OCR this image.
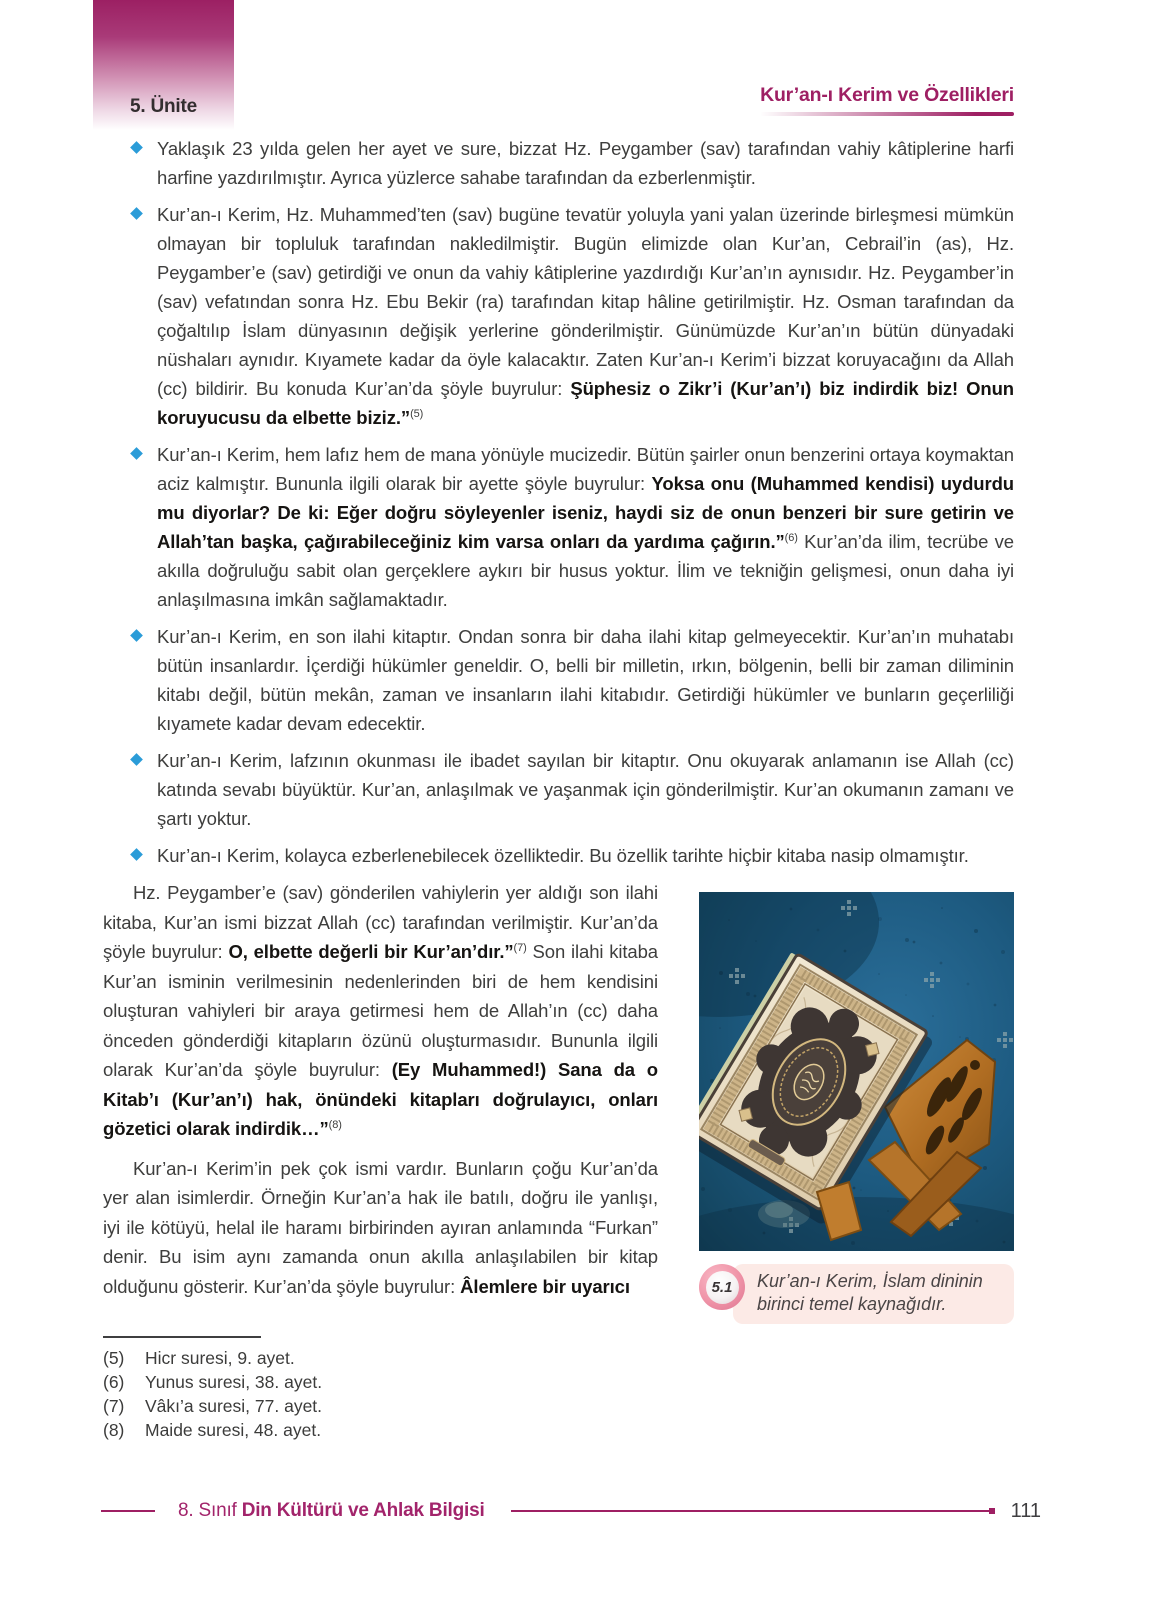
5. Ünite
Kur’an-ı Kerim ve Özellikleri
Yaklaşık 23 yılda gelen her ayet ve sure, bizzat Hz. Peygamber (sav) tarafından vahiy kâtiplerine harfi harfine yazdırılmıştır. Ayrıca yüzlerce sahabe tarafından da ezberlenmiştir.
Kur’an-ı Kerim, Hz. Muhammed’ten (sav) bugüne tevatür yoluyla yani yalan üzerinde birleşmesi mümkün olmayan bir topluluk tarafından nakledilmiştir. Bugün elimizde olan Kur’an, Cebrail’in (as), Hz. Peygamber’e (sav) getirdiği ve onun da vahiy kâtiplerine yazdırdığı Kur’an’ın aynısıdır. Hz. Peygamber’in (sav) vefatından sonra Hz. Ebu Bekir (ra) tarafından kitap hâline getirilmiştir. Hz. Osman tarafından da çoğaltılıp İslam dünyasının değişik yerlerine gönderilmiştir. Günümüzde Kur’an’ın bütün dünyadaki nüshaları aynıdır. Kıyamete kadar da öyle kalacaktır. Zaten Kur’an-ı Kerim’i bizzat koruyacağını da Allah (cc) bildirir. Bu konuda Kur’an’da şöyle buyrulur: Şüphesiz o Zikr’i (Kur’an’ı) biz indirdik biz! Onun koruyucusu da elbette biziz.”$^{(5)}$
Kur’an-ı Kerim, hem lafız hem de mana yönüyle mucizedir. Bütün şairler onun benzerini ortaya koymaktan aciz kalmıştır. Bununla ilgili olarak bir ayette şöyle buyrulur: Yoksa onu (Muhammed kendisi) uydurdu mu diyorlar? De ki: Eğer doğru söyleyenler iseniz, haydi siz de onun benzeri bir sure getirin ve Allah’tan başka, çağırabileceğiniz kim varsa onları da yardıma çağırın.”$^{(6)}$ Kur’an’da ilim, tecrübe ve akılla doğruluğu sabit olan gerçeklere aykırı bir husus yoktur. İlim ve tekniğin gelişmesi, onun daha iyi anlaşılmasına imkân sağlamaktadır.
Kur’an-ı Kerim, en son ilahi kitaptır. Ondan sonra bir daha ilahi kitap gelmeyecektir. Kur’an’ın muhatabı bütün insanlardır. İçerdiği hükümler geneldir. O, belli bir milletin, ırkın, bölgenin, belli bir zaman diliminin kitabı değil, bütün mekân, zaman ve insanların ilahi kitabıdır. Getirdiği hükümler ve bunların geçerliliği kıyamete kadar devam edecektir.
Kur’an-ı Kerim, lafzının okunması ile ibadet sayılan bir kitaptır. Onu okuyarak anlamanın ise Allah (cc) katında sevabı büyüktür. Kur’an, anlaşılmak ve yaşanmak için gönderilmiştir. Kur’an okumanın zamanı ve şartı yoktur.
Kur’an-ı Kerim, kolayca ezberlenebilecek özelliktedir. Bu özellik tarihte hiçbir kitaba nasip olmamıştır.

Hz. Peygamber’e (sav) gönderilen vahiylerin yer aldığı son ilahi kitaba, Kur’an ismi bizzat Allah (cc) tarafından verilmiştir. Kur’an’da şöyle buyrulur: O, elbette değerli bir Kur’an’dır.”$^{(7)}$ Son ilahi kitaba Kur’an isminin verilmesinin nedenlerinden biri de hem kendisini oluşturan vahiyleri bir araya getirmesi hem de Allah’ın (cc) daha önceden gönderdiği kitapların özünü oluşturmasıdır. Bununla ilgili olarak Kur’an’da şöyle buyrulur: (Ey Muhammed!) Sana da o Kitab’ı (Kur’an’ı) hak, önündeki kitapları doğrulayıcı, onları gözetici olarak indirdik…”$^{(8)}$

Kur’an-ı Kerim’in pek çok ismi vardır. Bunların çoğu Kur’an’da yer alan isimlerdir. Örneğin Kur’an’a hak ile batılı, doğru ile yanlışı, iyi ile kötüyü, helal ile haramı birbirinden ayıran anlamında “Furkan” denir. Bu isim aynı zamanda onun akılla anlaşılabilen bir kitap olduğunu gösterir. Kur’an’da şöyle buyrulur: Âlemlere bir uyarıcı	5.1	Kur’an-ı Kerim, İslam dininin birinci temel kaynağıdır.
(5)	Hicr suresi, 9. ayet.
(6)	Yunus suresi, 38. ayet.
(7)	Vâkı’a suresi, 77. ayet.
(8)	Maide suresi, 48. ayet.
8. Sınıf Din Kültürü ve Ahlak Bilgisi	111
